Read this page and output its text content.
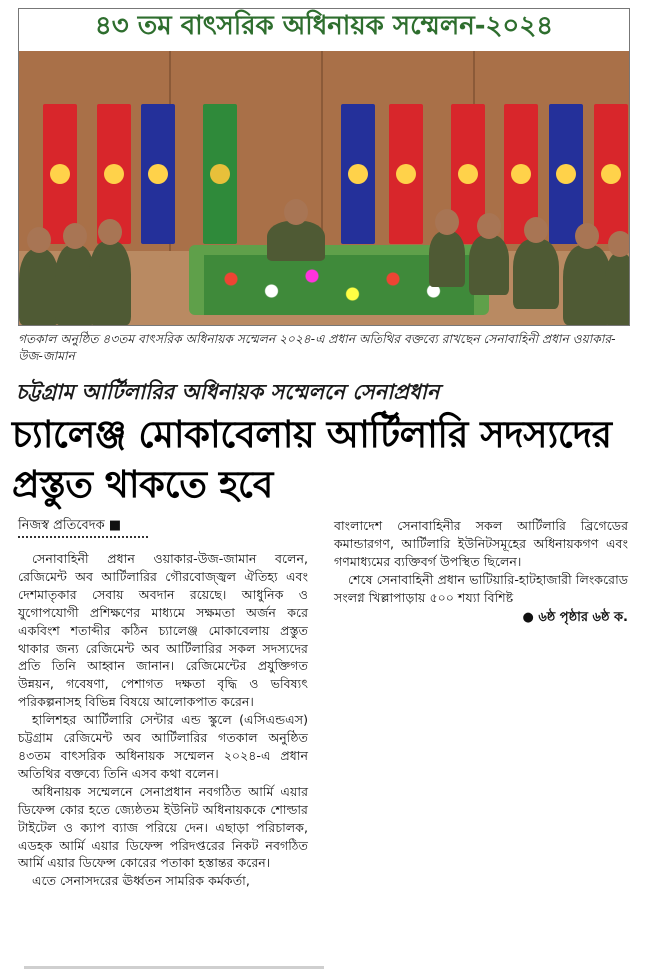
৪৩ তম বাৎসরিক অধিনায়ক সম্মেলন-২০২৪
গতকাল অনুষ্ঠিত ৪৩তম বাৎসরিক অধিনায়ক সম্মেলন ২০২৪-এ প্রধান অতিথির বক্তব্যে রাখছেন সেনাবাহিনী প্রধান ওয়াকার-উজ-জামান
চট্টগ্রাম আর্টিলারির অধিনায়ক সম্মেলনে সেনাপ্রধান
চ্যালেঞ্জ মোকাবেলায় আর্টিলারি সদস্যদের প্রস্তুত থাকতে হবে
নিজস্ব প্রতিবেদক ■

সেনাবাহিনী প্রধান ওয়াকার-উজ-জামান বলেন, রেজিমেন্ট অব আর্টিলারির গৌরবোজ্জ্বল ঐতিহ্য এবং দেশমাতৃকার সেবায় অবদান রয়েছে। আধুনিক ও যুগোপযোগী প্রশিক্ষণের মাধ্যমে সক্ষমতা অর্জন করে একবিংশ শতাব্দীর কঠিন চ্যালেঞ্জ মোকাবেলায় প্রস্তুত থাকার জন্য রেজিমেন্ট অব আর্টিলারির সকল সদস্যদের প্রতি তিনি আহ্বান জানান। রেজিমেন্টের প্রযুক্তিগত উন্নয়ন, গবেষণা, পেশাগত দক্ষতা বৃদ্ধি ও ভবিষ্যৎ পরিকল্পনাসহ বিভিন্ন বিষয়ে আলোকপাত করেন।

হালিশহর আর্টিলারি সেন্টার এন্ড স্কুলে (এসিএন্ডএস) চট্টগ্রাম রেজিমেন্ট অব আর্টিলারির গতকাল অনুষ্ঠিত ৪৩তম বাৎসরিক অধিনায়ক সম্মেলন ২০২৪-এ প্রধান অতিথির বক্তব্যে তিনি এসব কথা বলেন।

অধিনায়ক সম্মেলনে সেনাপ্রধান নবগঠিত আর্মি এয়ার ডিফেন্স কোর হতে জ্যেষ্ঠতম ইউনিট অধিনায়ককে শোল্ডার টাইটেল ও ক্যাপ ব্যাজ পরিয়ে দেন। এছাড়া পরিচালক, এডহক আর্মি এয়ার ডিফেন্স পরিদপ্তরের নিকট নবগঠিত আর্মি এয়ার ডিফেন্স কোরের পতাকা হস্তান্তর করেন।

এতে সেনাসদরের ঊর্ধ্বতন সামরিক কর্মকর্তা,

বাংলাদেশ সেনাবাহিনীর সকল আর্টিলারি ব্রিগেডের কমান্ডারগণ, আর্টিলারি ইউনিটসমূহের অধিনায়কগণ এবং গণমাধ্যমের ব্যক্তিবর্গ উপস্থিত ছিলেন।

শেষে সেনাবাহিনী প্রধান ভাটিয়ারি-হাটহাজারী লিংকরোড সংলগ্ন খিল্লাপাড়ায় ৫০০ শয্যা বিশিষ্ট

● ৬ষ্ঠ পৃষ্ঠার ৬ষ্ঠ ক.
